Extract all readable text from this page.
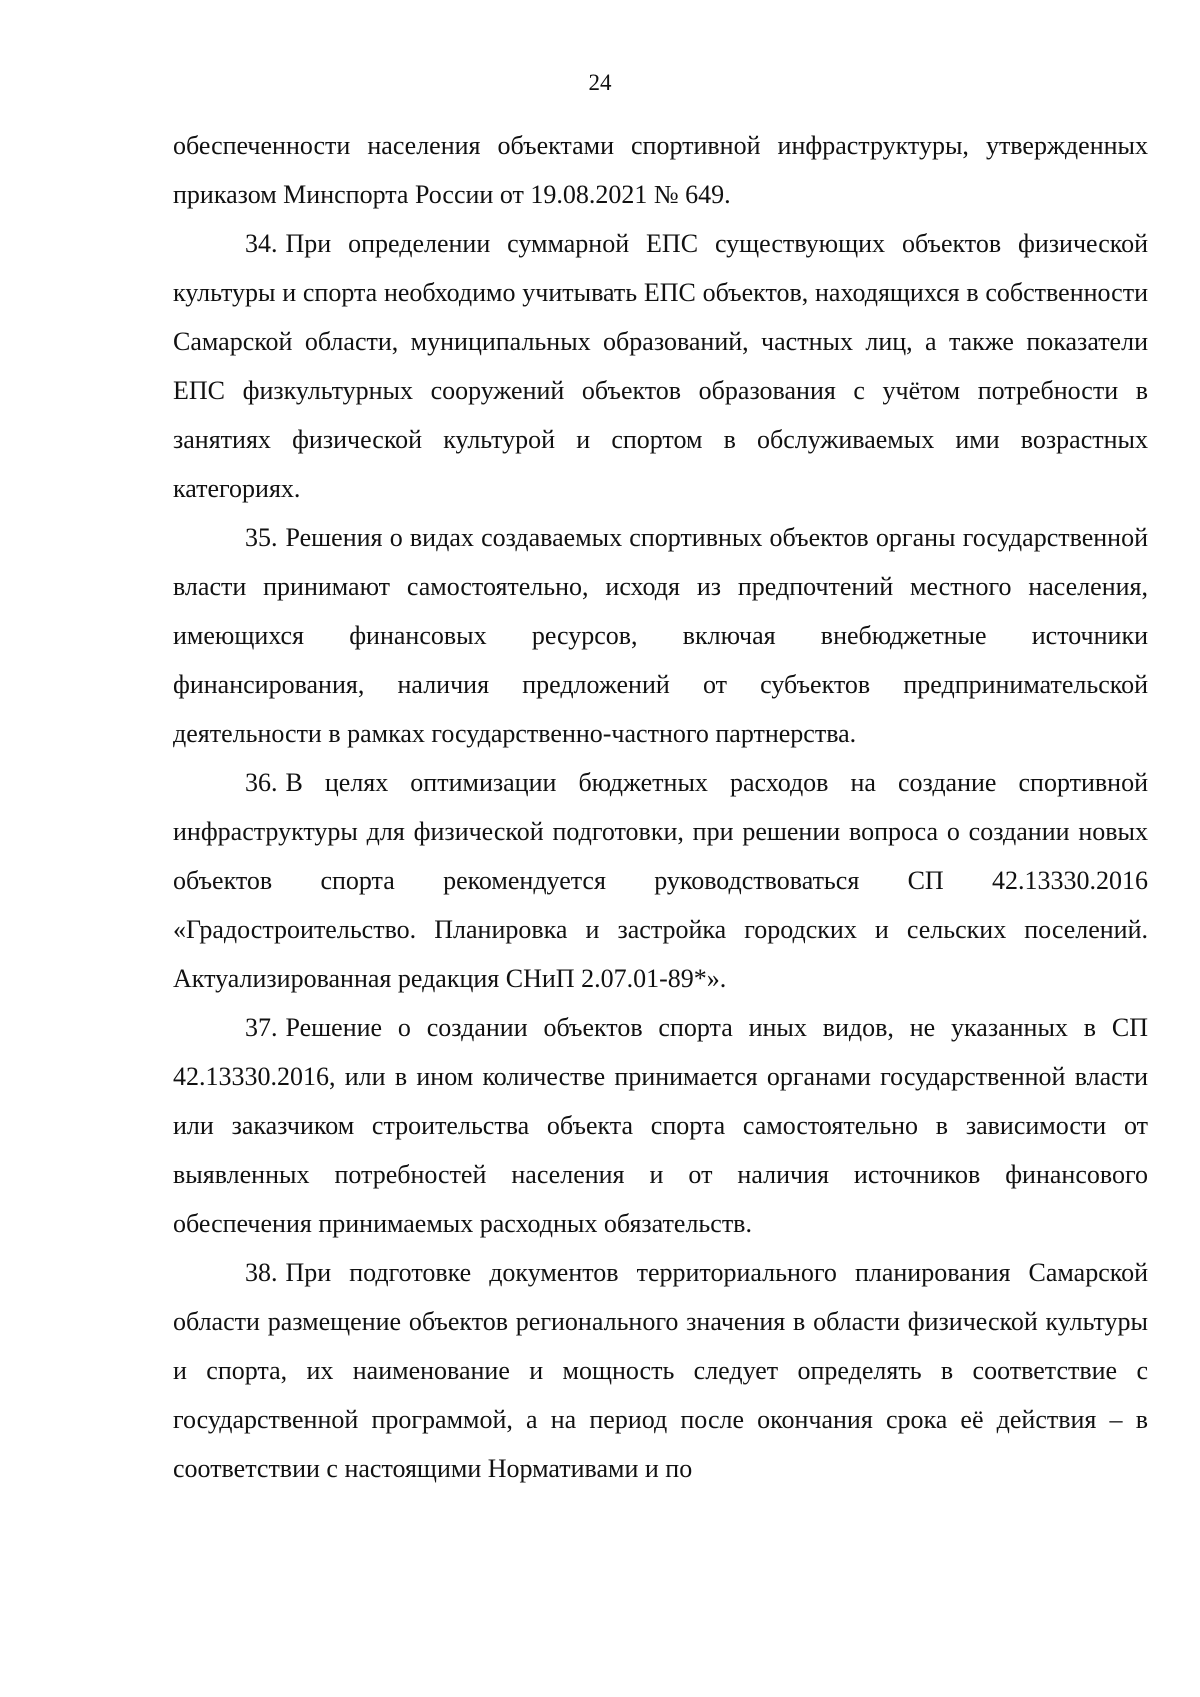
24

обеспеченности населения объектами спортивной инфраструктуры, утвержденных приказом Минспорта России от 19.08.2021 № 649.

34. При определении суммарной ЕПС существующих объектов физической культуры и спорта необходимо учитывать ЕПС объектов, находящихся в собственности Самарской области, муниципальных образований, частных лиц, а также показатели ЕПС физкультурных сооружений объектов образования с учётом потребности в занятиях физической культурой и спортом в обслуживаемых ими возрастных категориях.

35. Решения о видах создаваемых спортивных объектов органы государственной власти принимают самостоятельно, исходя из предпочтений местного населения, имеющихся финансовых ресурсов, включая внебюджетные источники финансирования, наличия предложений от субъектов предпринимательской деятельности в рамках государственно-частного партнерства.

36. В целях оптимизации бюджетных расходов на создание спортивной инфраструктуры для физической подготовки, при решении вопроса о создании новых объектов спорта рекомендуется руководствоваться СП 42.13330.2016 «Градостроительство. Планировка и застройка городских и сельских поселений. Актуализированная редакция СНиП 2.07.01-89*».

37. Решение о создании объектов спорта иных видов, не указанных в СП 42.13330.2016, или в ином количестве принимается органами государственной власти или заказчиком строительства объекта спорта самостоятельно в зависимости от выявленных потребностей населения и от наличия источников финансового обеспечения принимаемых расходных обязательств.

38. При подготовке документов территориального планирования Самарской области размещение объектов регионального значения в области физической культуры и спорта, их наименование и мощность следует определять в соответствие с государственной программой, а на период после окончания срока её действия – в соответствии с настоящими Нормативами и по
